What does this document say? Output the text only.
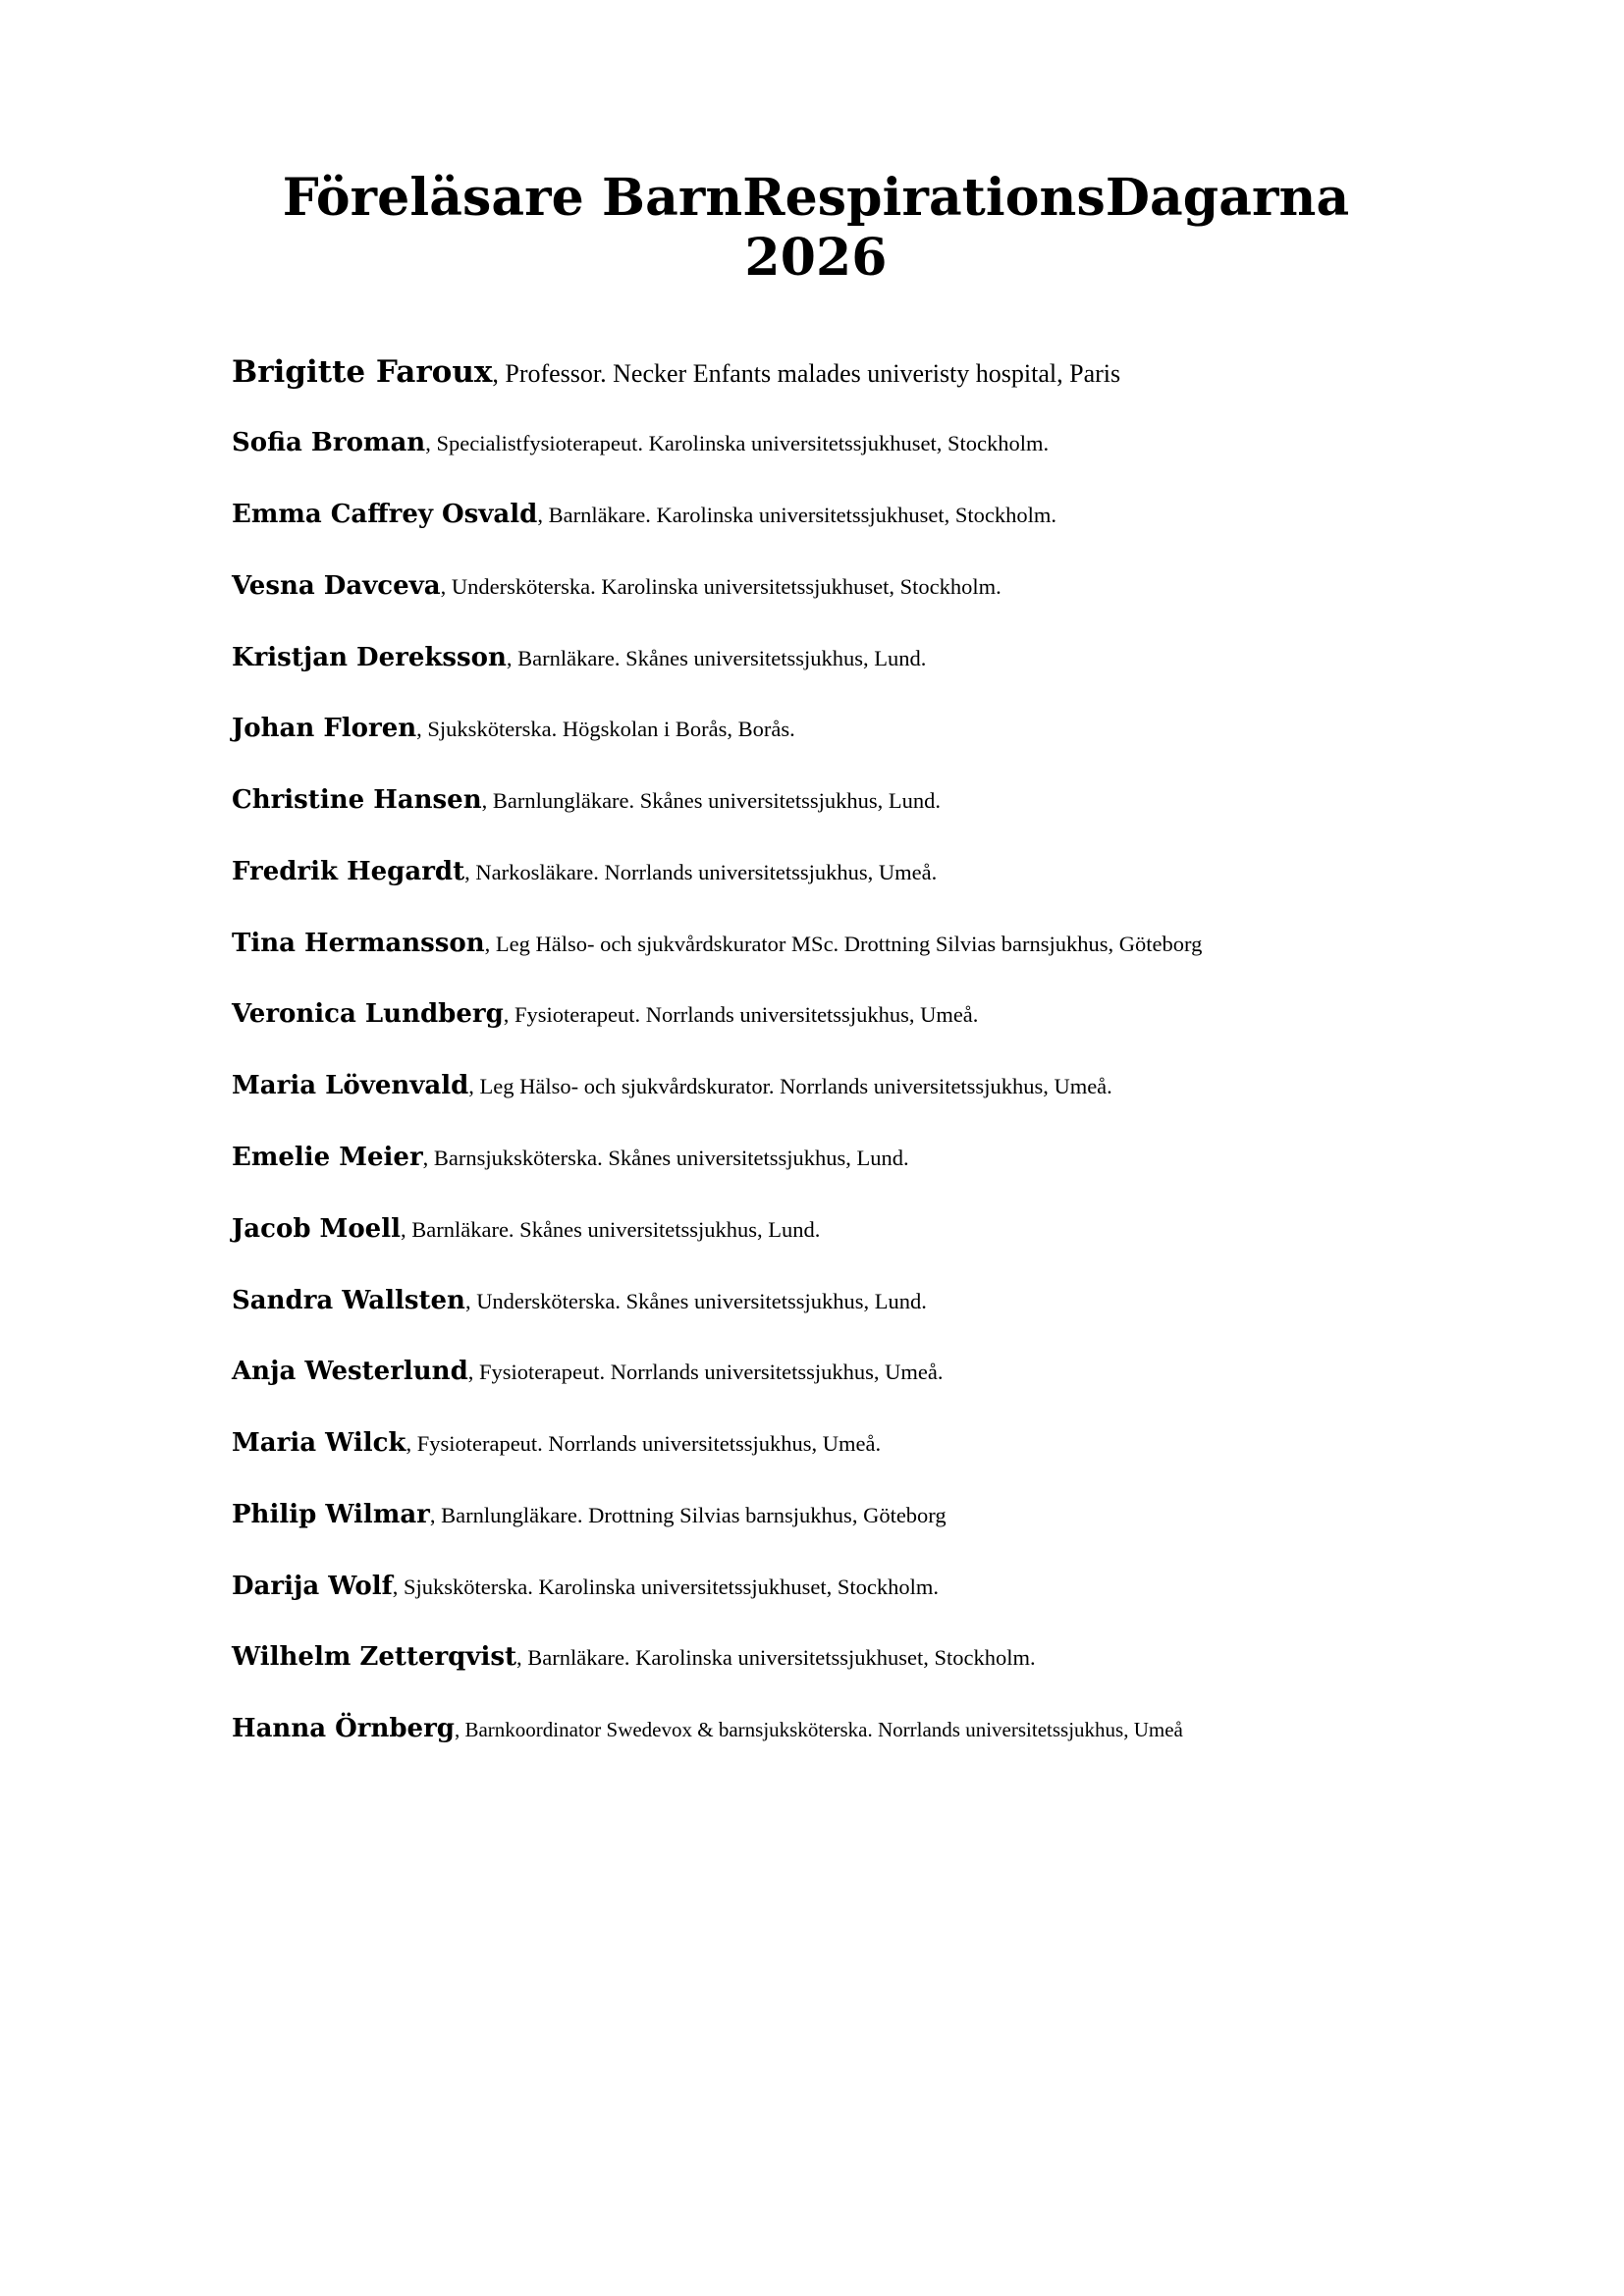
Föreläsare BarnRespirationsDagarna
2026
Brigitte Faroux, Professor. Necker Enfants malades univeristy hospital, Paris
Sofia Broman, Specialistfysioterapeut. Karolinska universitetssjukhuset, Stockholm.
Emma Caffrey Osvald, Barnläkare. Karolinska universitetssjukhuset, Stockholm.
Vesna Davceva, Undersköterska. Karolinska universitetssjukhuset, Stockholm.
Kristjan Dereksson, Barnläkare. Skånes universitetssjukhus, Lund.
Johan Floren, Sjuksköterska. Högskolan i Borås, Borås.
Christine Hansen, Barnlungläkare. Skånes universitetssjukhus, Lund.
Fredrik Hegardt, Narkosläkare. Norrlands universitetssjukhus, Umeå.
Tina Hermansson, Leg Hälso- och sjukvårdskurator MSc. Drottning Silvias barnsjukhus, Göteborg
Veronica Lundberg, Fysioterapeut. Norrlands universitetssjukhus, Umeå.
Maria Lövenvald, Leg Hälso- och sjukvårdskurator. Norrlands universitetssjukhus, Umeå.
Emelie Meier, Barnsjuksköterska. Skånes universitetssjukhus, Lund.
Jacob Moell, Barnläkare. Skånes universitetssjukhus, Lund.
Sandra Wallsten, Undersköterska. Skånes universitetssjukhus, Lund.
Anja Westerlund, Fysioterapeut. Norrlands universitetssjukhus, Umeå.
Maria Wilck, Fysioterapeut. Norrlands universitetssjukhus, Umeå.
Philip Wilmar, Barnlungläkare. Drottning Silvias barnsjukhus, Göteborg
Darija Wolf, Sjuksköterska. Karolinska universitetssjukhuset, Stockholm.
Wilhelm Zetterqvist, Barnläkare. Karolinska universitetssjukhuset, Stockholm.
Hanna Örnberg, Barnkoordinator Swedevox & barnsjuksköterska. Norrlands universitetssjukhus, Umeå
